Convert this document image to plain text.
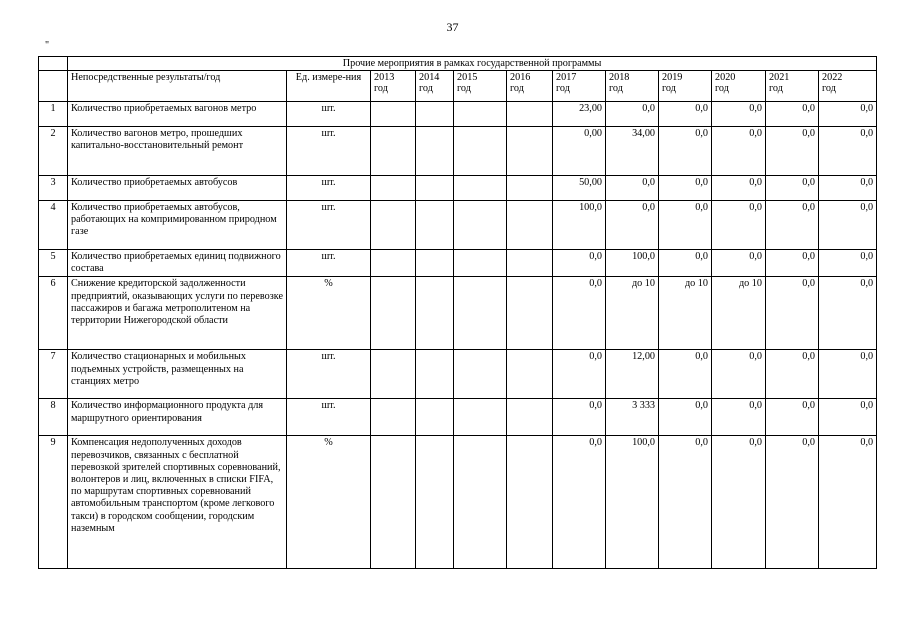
37
"
	Прочие мероприятия в рамках государственной программы											
	Непосредственные результаты/год	Ед. измере-ния	2013
год	2014
год	2015
год	2016
год	2017
год	2018
год	2019
год	2020
год	2021
год	2022
год
1	Количество приобретаемых вагонов метро	шт.					23,00	0,0	0,0	0,0	0,0	0,0
2	Количество вагонов метро, прошедших капитально-восстановительный ремонт	шт.					0,00	34,00	0,0	0,0	0,0	0,0
3	Количество приобретаемых автобусов	шт.					50,00	0,0	0,0	0,0	0,0	0,0
4	Количество приобретаемых автобусов, работающих на компримированном природном газе	шт.					100,0	0,0	0,0	0,0	0,0	0,0
5	Количество приобретаемых единиц подвижного состава	шт.					0,0	100,0	0,0	0,0	0,0	0,0
6	Снижение кредиторской задолженности предприятий, оказывающих услуги по перевозке пассажиров и багажа метрополитеном на территории Нижегородской области	%					0,0	до 10	до 10	до 10	0,0	0,0
7	Количество стационарных и мобильных подъемных устройств, размещенных на станциях метро	шт.					0,0	12,00	0,0	0,0	0,0	0,0
8	Количество информационного продукта для маршрутного ориентирования	шт.					0,0	3 333	0,0	0,0	0,0	0,0
9	Компенсация недополученных доходов перевозчиков, связанных с бесплатной перевозкой зрителей спортивных соревнований, волонтеров и лиц, включенных в списки FIFA, по маршрутам спортивных соревнований автомобильным транспортом (кроме легкового такси) в городском сообщении, городским наземным	%					0,0	100,0	0,0	0,0	0,0	0,0
